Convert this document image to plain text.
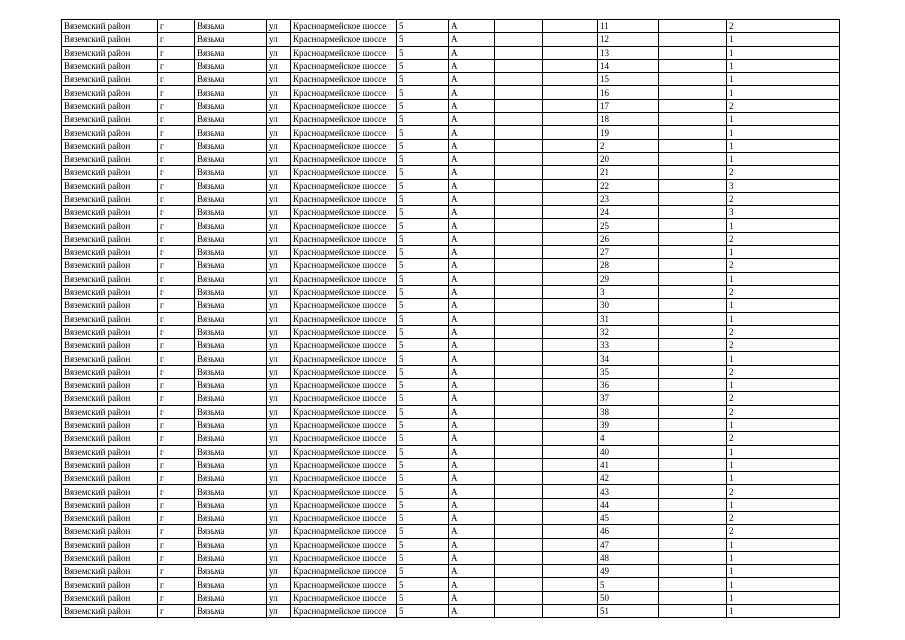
Вяземский район	г	Вязьма	ул	Красноармейское шоссе	5	А			11		2
Вяземский район	г	Вязьма	ул	Красноармейское шоссе	5	А			12		1
Вяземский район	г	Вязьма	ул	Красноармейское шоссе	5	А			13		1
Вяземский район	г	Вязьма	ул	Красноармейское шоссе	5	А			14		1
Вяземский район	г	Вязьма	ул	Красноармейское шоссе	5	А			15		1
Вяземский район	г	Вязьма	ул	Красноармейское шоссе	5	А			16		1
Вяземский район	г	Вязьма	ул	Красноармейское шоссе	5	А			17		2
Вяземский район	г	Вязьма	ул	Красноармейское шоссе	5	А			18		1
Вяземский район	г	Вязьма	ул	Красноармейское шоссе	5	А			19		1
Вяземский район	г	Вязьма	ул	Красноармейское шоссе	5	А			2		1
Вяземский район	г	Вязьма	ул	Красноармейское шоссе	5	А			20		1
Вяземский район	г	Вязьма	ул	Красноармейское шоссе	5	А			21		2
Вяземский район	г	Вязьма	ул	Красноармейское шоссе	5	А			22		3
Вяземский район	г	Вязьма	ул	Красноармейское шоссе	5	А			23		2
Вяземский район	г	Вязьма	ул	Красноармейское шоссе	5	А			24		3
Вяземский район	г	Вязьма	ул	Красноармейское шоссе	5	А			25		1
Вяземский район	г	Вязьма	ул	Красноармейское шоссе	5	А			26		2
Вяземский район	г	Вязьма	ул	Красноармейское шоссе	5	А			27		1
Вяземский район	г	Вязьма	ул	Красноармейское шоссе	5	А			28		2
Вяземский район	г	Вязьма	ул	Красноармейское шоссе	5	А			29		1
Вяземский район	г	Вязьма	ул	Красноармейское шоссе	5	А			3		2
Вяземский район	г	Вязьма	ул	Красноармейское шоссе	5	А			30		1
Вяземский район	г	Вязьма	ул	Красноармейское шоссе	5	А			31		1
Вяземский район	г	Вязьма	ул	Красноармейское шоссе	5	А			32		2
Вяземский район	г	Вязьма	ул	Красноармейское шоссе	5	А			33		2
Вяземский район	г	Вязьма	ул	Красноармейское шоссе	5	А			34		1
Вяземский район	г	Вязьма	ул	Красноармейское шоссе	5	А			35		2
Вяземский район	г	Вязьма	ул	Красноармейское шоссе	5	А			36		1
Вяземский район	г	Вязьма	ул	Красноармейское шоссе	5	А			37		2
Вяземский район	г	Вязьма	ул	Красноармейское шоссе	5	А			38		2
Вяземский район	г	Вязьма	ул	Красноармейское шоссе	5	А			39		1
Вяземский район	г	Вязьма	ул	Красноармейское шоссе	5	А			4		2
Вяземский район	г	Вязьма	ул	Красноармейское шоссе	5	А			40		1
Вяземский район	г	Вязьма	ул	Красноармейское шоссе	5	А			41		1
Вяземский район	г	Вязьма	ул	Красноармейское шоссе	5	А			42		1
Вяземский район	г	Вязьма	ул	Красноармейское шоссе	5	А			43		2
Вяземский район	г	Вязьма	ул	Красноармейское шоссе	5	А			44		1
Вяземский район	г	Вязьма	ул	Красноармейское шоссе	5	А			45		2
Вяземский район	г	Вязьма	ул	Красноармейское шоссе	5	А			46		2
Вяземский район	г	Вязьма	ул	Красноармейское шоссе	5	А			47		1
Вяземский район	г	Вязьма	ул	Красноармейское шоссе	5	А			48		1
Вяземский район	г	Вязьма	ул	Красноармейское шоссе	5	А			49		1
Вяземский район	г	Вязьма	ул	Красноармейское шоссе	5	А			5		1
Вяземский район	г	Вязьма	ул	Красноармейское шоссе	5	А			50		1
Вяземский район	г	Вязьма	ул	Красноармейское шоссе	5	А			51		1
